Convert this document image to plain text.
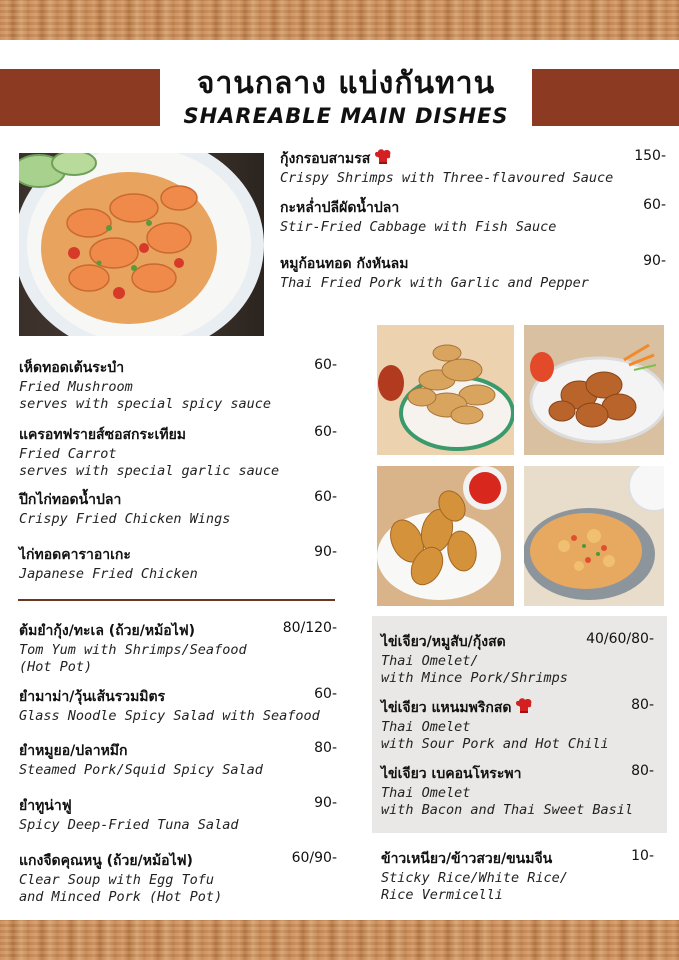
จานกลาง แบ่งกันทาน
SHAREABLE MAIN DISHES
กุ้งกรอบสามรส	150-
Crispy Shrimps with Three-flavoured Sauce
กะหล่ำปลีผัดน้ำปลา	60-
Stir-Fried Cabbage with Fish Sauce
หมูก้อนทอด กังหันลม	90-
Thai Fried Pork with Garlic and Pepper
เห็ดทอดเต้นระบำ	60-
Fried Mushroom
serves with special spicy sauce
แครอทฟรายส์ซอสกระเทียม	60-
Fried Carrot
serves with special garlic sauce
ปีกไก่ทอดน้ำปลา	60-
Crispy Fried Chicken Wings
ไก่ทอดคาราอาเกะ	90-
Japanese Fried Chicken
ต้มยำกุ้ง/ทะเล (ถ้วย/หม้อไฟ)	80/120-
Tom Yum with Shrimps/Seafood
(Hot Pot)
ยำมาม่า/วุ้นเส้นรวมมิตร	60-
Glass Noodle Spicy Salad with Seafood
ยำหมูยอ/ปลาหมึก	80-
Steamed Pork/Squid Spicy Salad
ยำทูน่าฟู	90-
Spicy Deep-Fried Tuna Salad
แกงจืดคุณหนู (ถ้วย/หม้อไฟ)	60/90-
Clear Soup with Egg Tofu
and Minced Pork (Hot Pot)
ไข่เจียว/หมูสับ/กุ้งสด	40/60/80-
Thai Omelet/
with Mince Pork/Shrimps
ไข่เจียว แหนมพริกสด	80-
Thai Omelet
with Sour Pork and Hot Chili
ไข่เจียว เบคอนโหระพา	80-
Thai Omelet
with Bacon and Thai Sweet Basil
ข้าวเหนียว/ข้าวสวย/ขนมจีน	10-
Sticky Rice/White Rice/
Rice Vermicelli
